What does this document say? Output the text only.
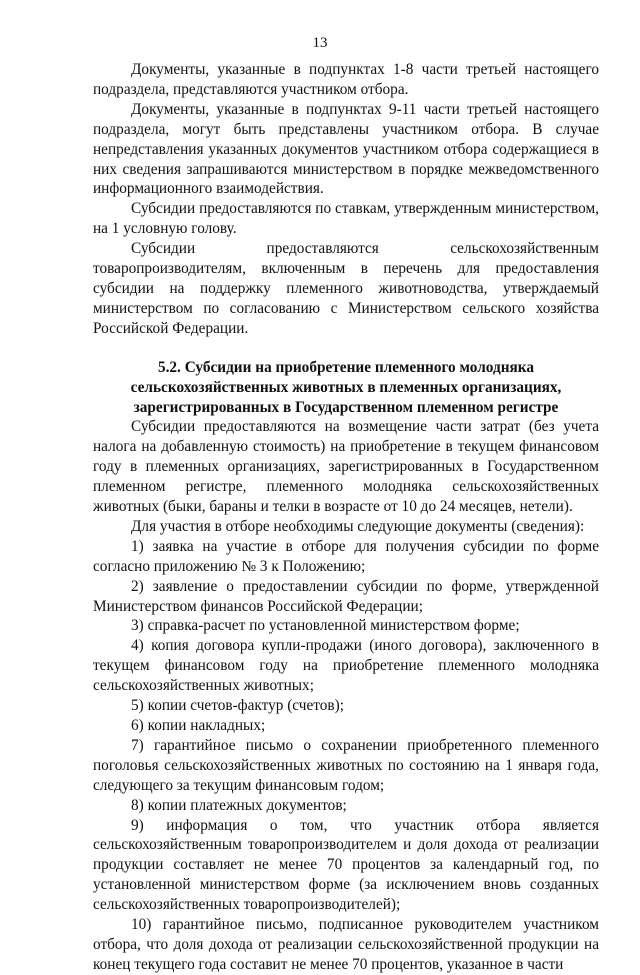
13

Документы, указанные в подпунктах 1-8 части третьей настоящего подраздела, представляются участником отбора.

Документы, указанные в подпунктах 9-11 части третьей настоящего подраздела, могут быть представлены участником отбора. В случае непредставления указанных документов участником отбора содержащиеся в них сведения запрашиваются министерством в порядке межведомственного информационного взаимодействия.

Субсидии предоставляются по ставкам, утвержденным министерством, на 1 условную голову.

Субсидии предоставляются сельскохозяйственным товаропроизводителям, включенным в перечень для предоставления субсидии на поддержку племенного животноводства, утверждаемый министерством по согласованию с Министерством сельского хозяйства Российской Федерации.

5.2. Субсидии на приобретение племенного молодняка
сельскохозяйственных животных в племенных организациях,
зарегистрированных в Государственном племенном регистре

Субсидии предоставляются на возмещение части затрат (без учета налога на добавленную стоимость) на приобретение в текущем финансовом году в племенных организациях, зарегистрированных в Государственном племенном регистре, племенного молодняка сельскохозяйственных животных (быки, бараны и телки в возрасте от 10 до 24 месяцев, нетели).

Для участия в отборе необходимы следующие документы (сведения):

1) заявка на участие в отборе для получения субсидии по форме согласно приложению № 3 к Положению;

2) заявление о предоставлении субсидии по форме, утвержденной Министерством финансов Российской Федерации;

3) справка-расчет по установленной министерством форме;

4) копия договора купли-продажи (иного договора), заключенного в текущем финансовом году на приобретение племенного молодняка сельскохозяйственных животных;

5) копии счетов-фактур (счетов);

6) копии накладных;

7) гарантийное письмо о сохранении приобретенного племенного поголовья сельскохозяйственных животных по состоянию на 1 января года, следующего за текущим финансовым годом;

8) копии платежных документов;

9) информация о том, что участник отбора является сельскохозяйственным товаропроизводителем и доля дохода от реализации продукции составляет не менее 70 процентов за календарный год, по установленной министерством форме (за исключением вновь созданных сельскохозяйственных товаропроизводителей);

10) гарантийное письмо, подписанное руководителем участником отбора, что доля дохода от реализации сельскохозяйственной продукции на конец текущего года составит не менее 70 процентов, указанное в части
